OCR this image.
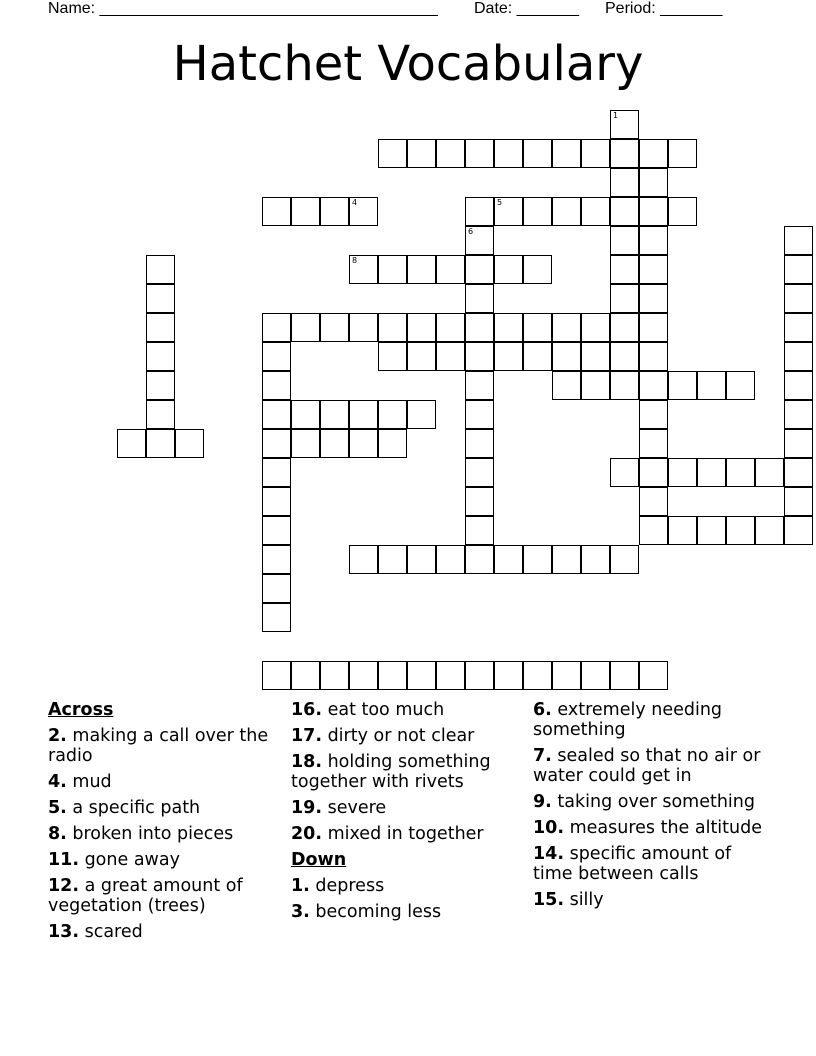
Name: ______________________________________ Date: _______ Period: _______
Hatchet Vocabulary
5
1
4
6
8
Across
2. making a call over the radio
4. mud
5. a specific path
8. broken into pieces
11. gone away
12. a great amount of vegetation (trees)
13. scared
16. eat too much
17. dirty or not clear
18. holding something together with rivets
19. severe
20. mixed in together
Down
1. depress
3. becoming less
6. extremely needing something
7. sealed so that no air or water could get in
9. taking over something
10. measures the altitude
14. specific amount of time between calls
15. silly
